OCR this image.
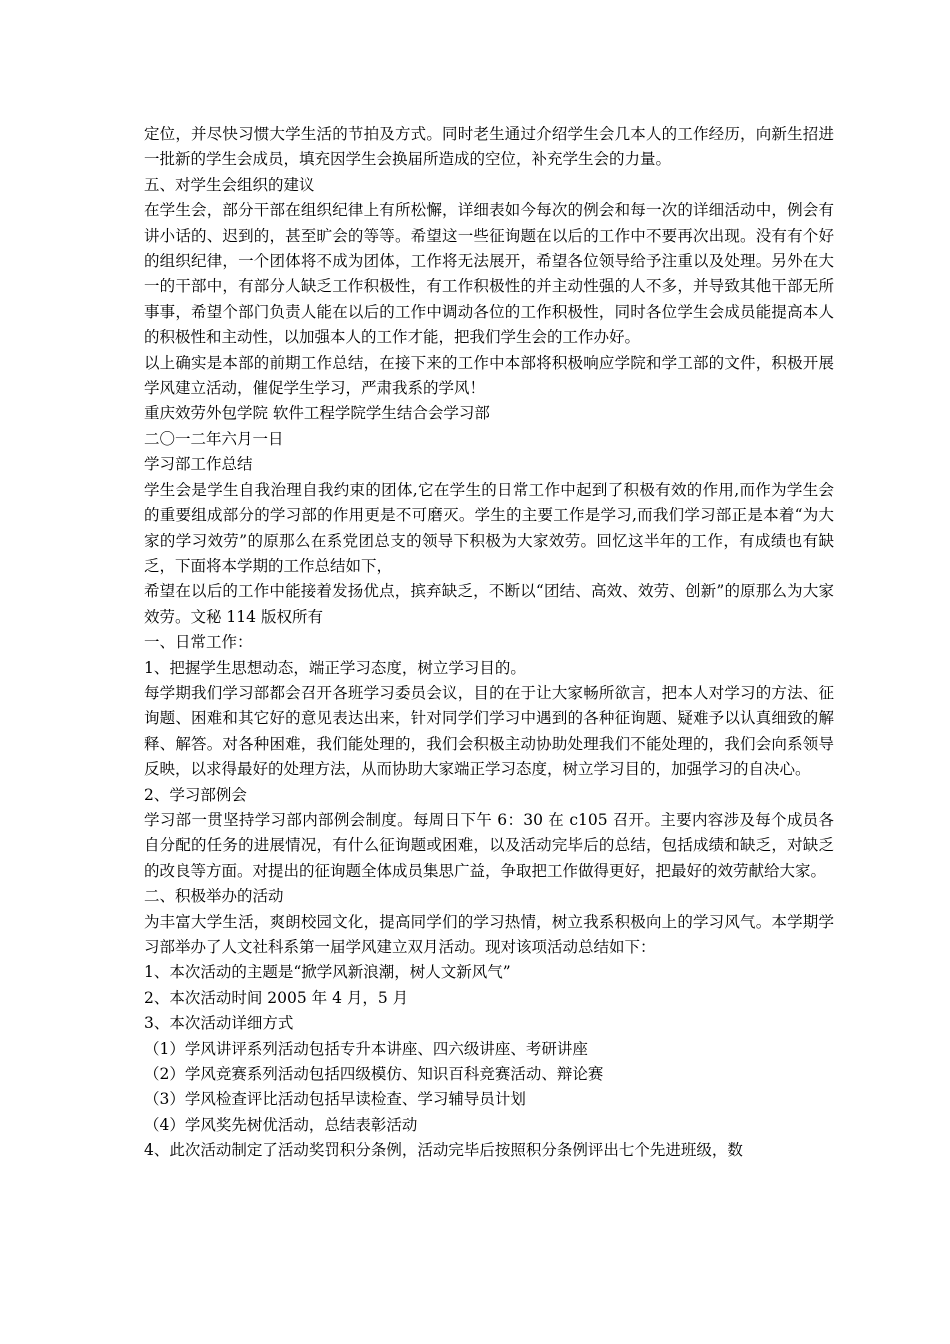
定位，并尽快习惯大学生活的节拍及方式。同时老生通过介绍学生会几本人的工作经历，向新生招进一批新的学生会成员，填充因学生会换届所造成的空位，补充学生会的力量。

五、对学生会组织的建议

在学生会，部分干部在组织纪律上有所松懈，详细表如今每次的例会和每一次的详细活动中，例会有讲小话的、迟到的，甚至旷会的等等。希望这一些征询题在以后的工作中不要再次出现。没有有个好的组织纪律，一个团体将不成为团体，工作将无法展开，希望各位领导给予注重以及处理。另外在大一的干部中，有部分人缺乏工作积极性，有工作积极性的并主动性强的人不多，并导致其他干部无所事事，希望个部门负责人能在以后的工作中调动各位的工作积极性，同时各位学生会成员能提高本人的积极性和主动性，以加强本人的工作才能，把我们学生会的工作办好。

以上确实是本部的前期工作总结，在接下来的工作中本部将积极响应学院和学工部的文件，积极开展学风建立活动，催促学生学习，严肃我系的学风！

重庆效劳外包学院 软件工程学院学生结合会学习部

二〇一二年六月一日

学习部工作总结

学生会是学生自我治理自我约束的团体,它在学生的日常工作中起到了积极有效的作用,而作为学生会的重要组成部分的学习部的作用更是不可磨灭。学生的主要工作是学习,而我们学习部正是本着“为大家的学习效劳”的原那么在系党团总支的领导下积极为大家效劳。回忆这半年的工作，有成绩也有缺乏，下面将本学期的工作总结如下，

希望在以后的工作中能接着发扬优点，摈弃缺乏，不断以“团结、高效、效劳、创新”的原那么为大家效劳。文秘 114 版权所有

一、日常工作：

1、把握学生思想动态，端正学习态度，树立学习目的。

每学期我们学习部都会召开各班学习委员会议，目的在于让大家畅所欲言，把本人对学习的方法、征询题、困难和其它好的意见表达出来，针对同学们学习中遇到的各种征询题、疑难予以认真细致的解释、解答。对各种困难，我们能处理的，我们会积极主动协助处理我们不能处理的，我们会向系领导反映，以求得最好的处理方法，从而协助大家端正学习态度，树立学习目的，加强学习的自决心。

2、学习部例会

学习部一贯坚持学习部内部例会制度。每周日下午 6：30 在 c105 召开。主要内容涉及每个成员各自分配的任务的进展情况，有什么征询题或困难，以及活动完毕后的总结，包括成绩和缺乏，对缺乏的改良等方面。对提出的征询题全体成员集思广益，争取把工作做得更好，把最好的效劳献给大家。

二、积极举办的活动

为丰富大学生活，爽朗校园文化，提高同学们的学习热情，树立我系积极向上的学习风气。本学期学习部举办了人文社科系第一届学风建立双月活动。现对该项活动总结如下：

1、本次活动的主题是“掀学风新浪潮，树人文新风气”

2、本次活动时间 2005 年 4 月，5 月

3、本次活动详细方式

（1）学风讲评系列活动包括专升本讲座、四六级讲座、考研讲座

（2）学风竞赛系列活动包括四级模仿、知识百科竞赛活动、辩论赛

（3）学风检查评比活动包括早读检查、学习辅导员计划

（4）学风奖先树优活动，总结表彰活动

4、此次活动制定了活动奖罚积分条例，活动完毕后按照积分条例评出七个先进班级，数
